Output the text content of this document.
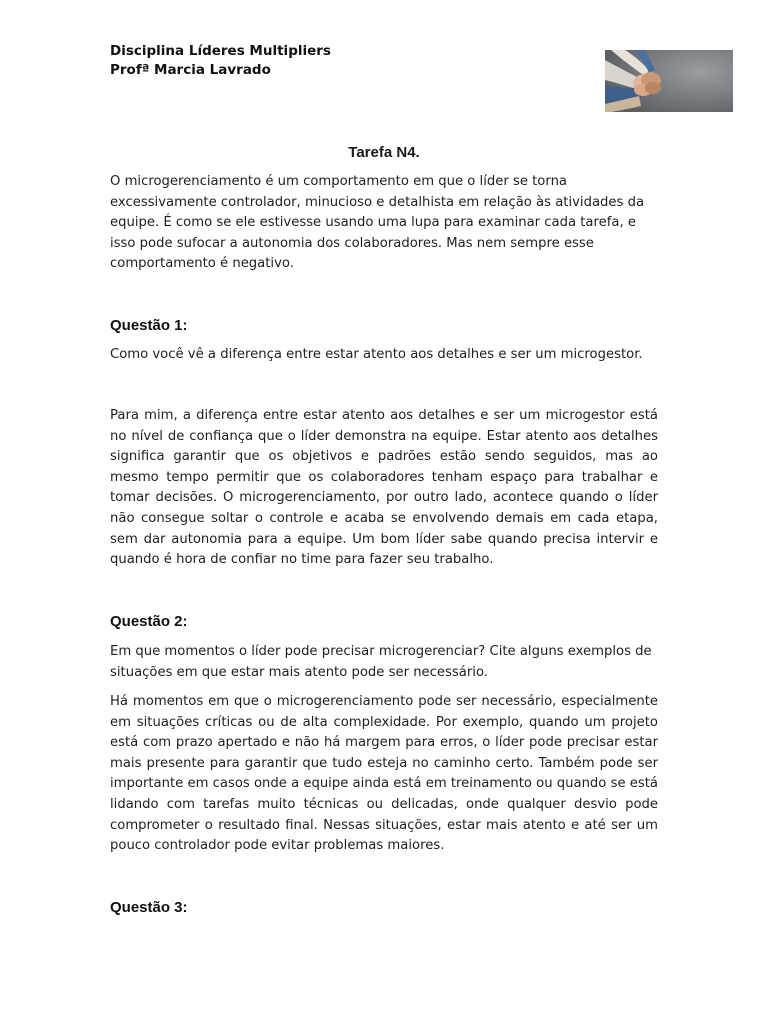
Disciplina Líderes Multipliers
Profª Marcia Lavrado
Tarefa N4.

O microgerenciamento é um comportamento em que o líder se torna excessivamente controlador, minucioso e detalhista em relação às atividades da equipe. É como se ele estivesse usando uma lupa para examinar cada tarefa, e isso pode sufocar a autonomia dos colaboradores. Mas nem sempre esse comportamento é negativo.

Questão 1:

Como você vê a diferença entre estar atento aos detalhes e ser um microgestor.

Para mim, a diferença entre estar atento aos detalhes e ser um microgestor está no nível de confiança que o líder demonstra na equipe. Estar atento aos detalhes significa garantir que os objetivos e padrões estão sendo seguidos, mas ao mesmo tempo permitir que os colaboradores tenham espaço para trabalhar e tomar decisões. O microgerenciamento, por outro lado, acontece quando o líder não consegue soltar o controle e acaba se envolvendo demais em cada etapa, sem dar autonomia para a equipe. Um bom líder sabe quando precisa intervir e quando é hora de confiar no time para fazer seu trabalho.

Questão 2:

Em que momentos o líder pode precisar microgerenciar? Cite alguns exemplos de situações em que estar mais atento pode ser necessário.

Há momentos em que o microgerenciamento pode ser necessário, especialmente em situações críticas ou de alta complexidade. Por exemplo, quando um projeto está com prazo apertado e não há margem para erros, o líder pode precisar estar mais presente para garantir que tudo esteja no caminho certo. Também pode ser importante em casos onde a equipe ainda está em treinamento ou quando se está lidando com tarefas muito técnicas ou delicadas, onde qualquer desvio pode comprometer o resultado final. Nessas situações, estar mais atento e até ser um pouco controlador pode evitar problemas maiores.

Questão 3:
